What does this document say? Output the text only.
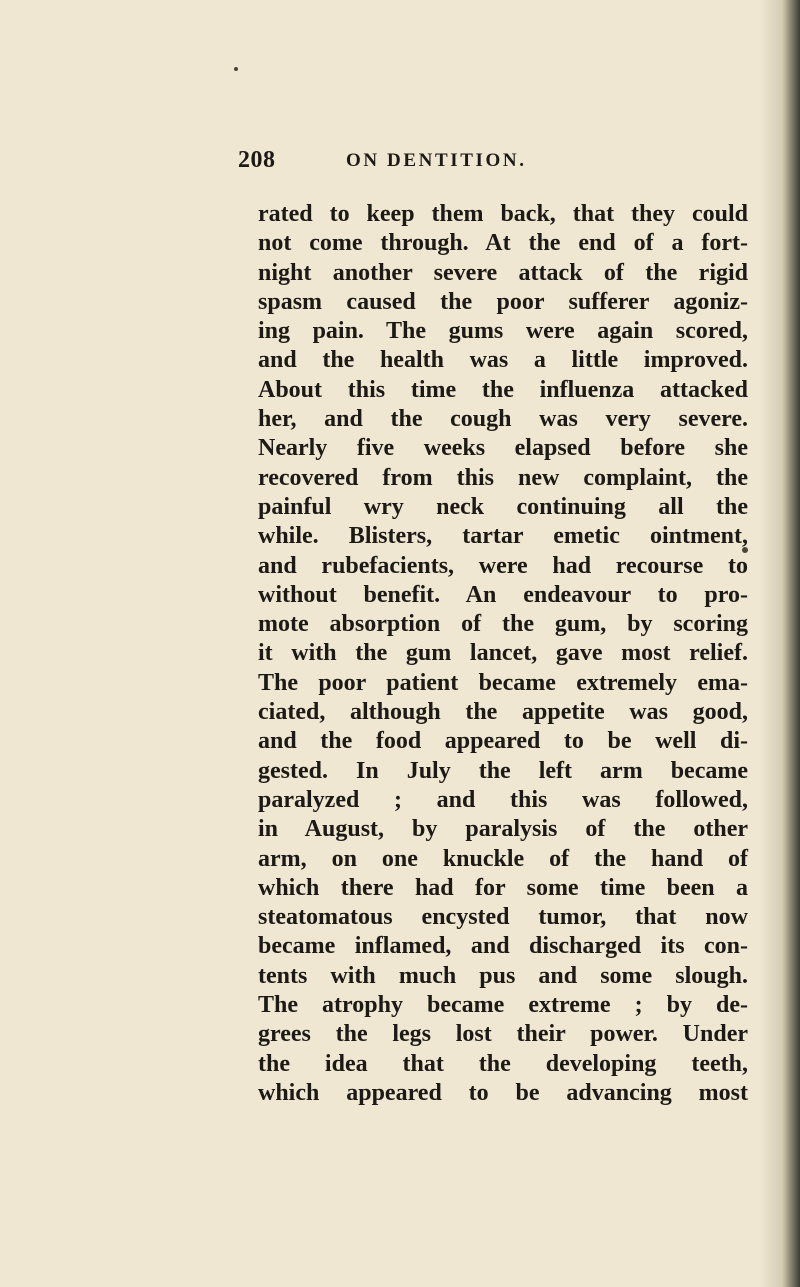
208	ON DENTITION.
rated to keep them back, that they could
not come through. At the end of a fort-
night another severe attack of the rigid
spasm caused the poor sufferer agoniz-
ing pain. The gums were again scored,
and the health was a little improved.
About this time the influenza attacked
her, and the cough was very severe.
Nearly five weeks elapsed before she
recovered from this new complaint, the
painful wry neck continuing all the
while. Blisters, tartar emetic ointment,
and rubefacients, were had recourse to
without benefit. An endeavour to pro-
mote absorption of the gum, by scoring
it with the gum lancet, gave most relief.
The poor patient became extremely ema-
ciated, although the appetite was good,
and the food appeared to be well di-
gested. In July the left arm became
paralyzed ; and this was followed,
in August, by paralysis of the other
arm, on one knuckle of the hand of
which there had for some time been a
steatomatous encysted tumor, that now
became inflamed, and discharged its con-
tents with much pus and some slough.
The atrophy became extreme ; by de-
grees the legs lost their power. Under
the idea that the developing teeth,
which appeared to be advancing most
